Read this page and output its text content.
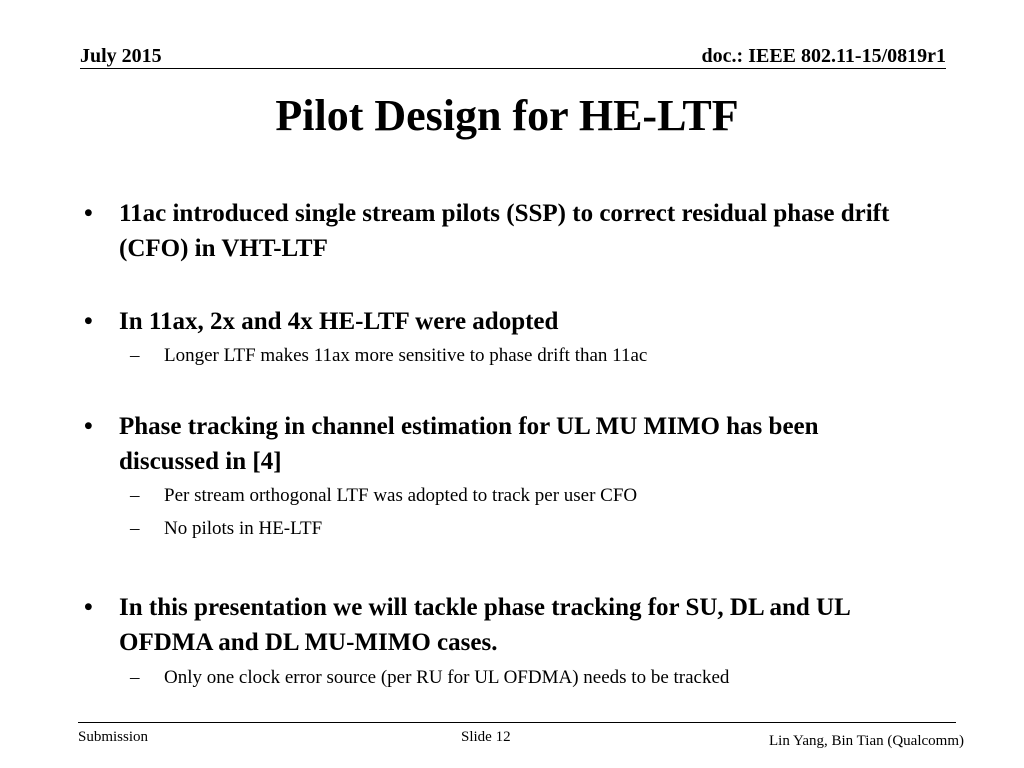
July 2015	doc.: IEEE 802.11-15/0819r1
Pilot Design for HE-LTF
•	11ac introduced single stream pilots (SSP) to correct residual phase drift (CFO) in VHT-LTF
•	In 11ax, 2x and 4x HE-LTF were adopted
– Longer LTF makes 11ax more sensitive to phase drift than 11ac
•	Phase tracking in channel estimation for UL MU MIMO has been discussed in [4]
– Per stream orthogonal LTF was adopted to track per user CFO
– No pilots in HE-LTF
•	In this presentation we will tackle phase tracking for SU, DL and UL OFDMA and DL MU-MIMO cases.
– Only one clock error source (per RU for UL OFDMA) needs to be tracked
Submission	Slide 12	Lin Yang, Bin Tian (Qualcomm)
